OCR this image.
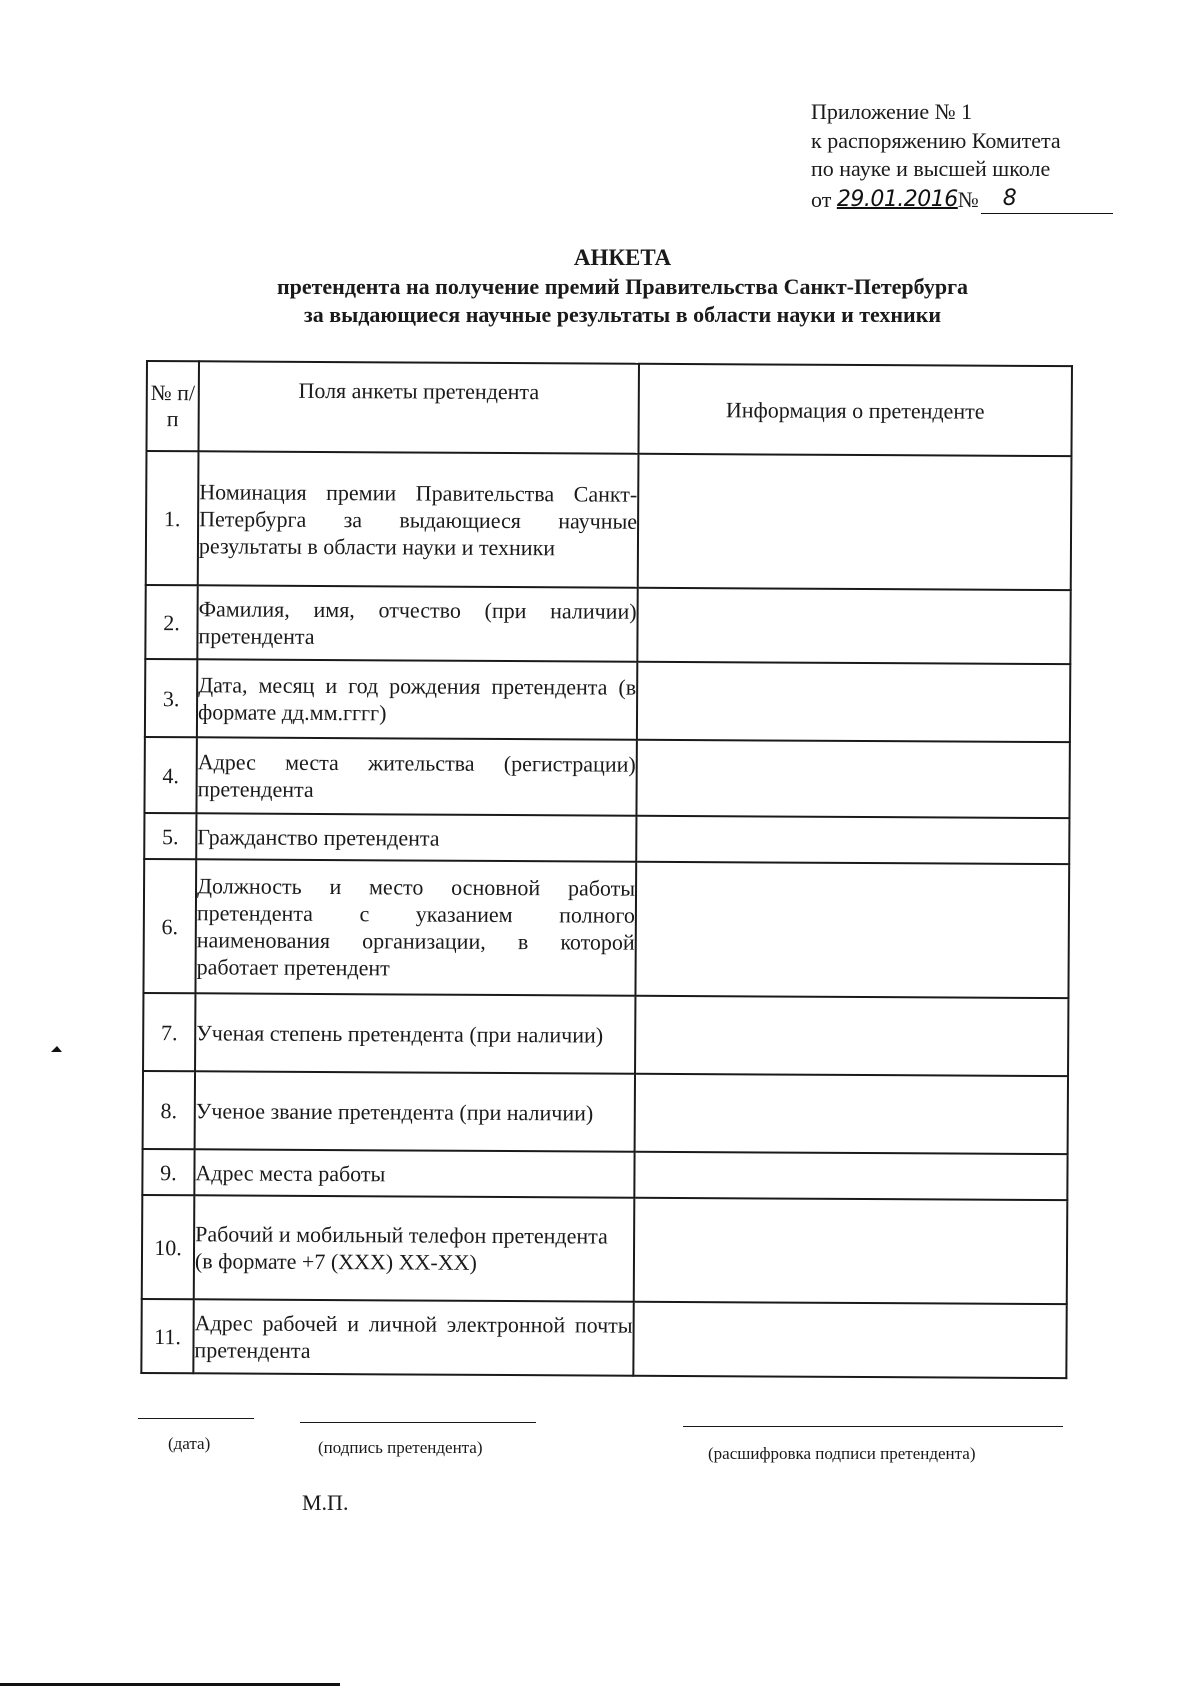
Приложение № 1
к распоряжению Комитета
по науке и высшей школе
от
29.01.2016 №	8
АНКЕТА
претендента на получение премий Правительства Санкт-Петербурга
за выдающиеся научные результаты в области науки и техники
№ п/п	Поля анкеты претендента	Информация о претенденте
1.	Номинация премии Правительства Санкт-Петербурга за выдающиеся научные результаты в области науки и техники	
2.	Фамилия, имя, отчество (при наличии) претендента	
3.	Дата, месяц и год рождения претендента (в формате дд.мм.гггг)	
4.	Адрес места жительства (регистрации) претендента	
5.	Гражданство претендента	
6.	Должность и место основной работы претендента с указанием полного наименования организации, в которой работает претендент	
7.	Ученая степень претендента (при наличии)	
8.	Ученое звание претендента (при наличии)	
9.	Адрес места работы	
10.	Рабочий и мобильный телефон претендента
(в формате +7 (XXX) XX-XX)	

11.	Адрес рабочей и личной электронной почты претендента	
(дата)	(подпись претендента)	(расшифровка подписи претендента)
М.П.
